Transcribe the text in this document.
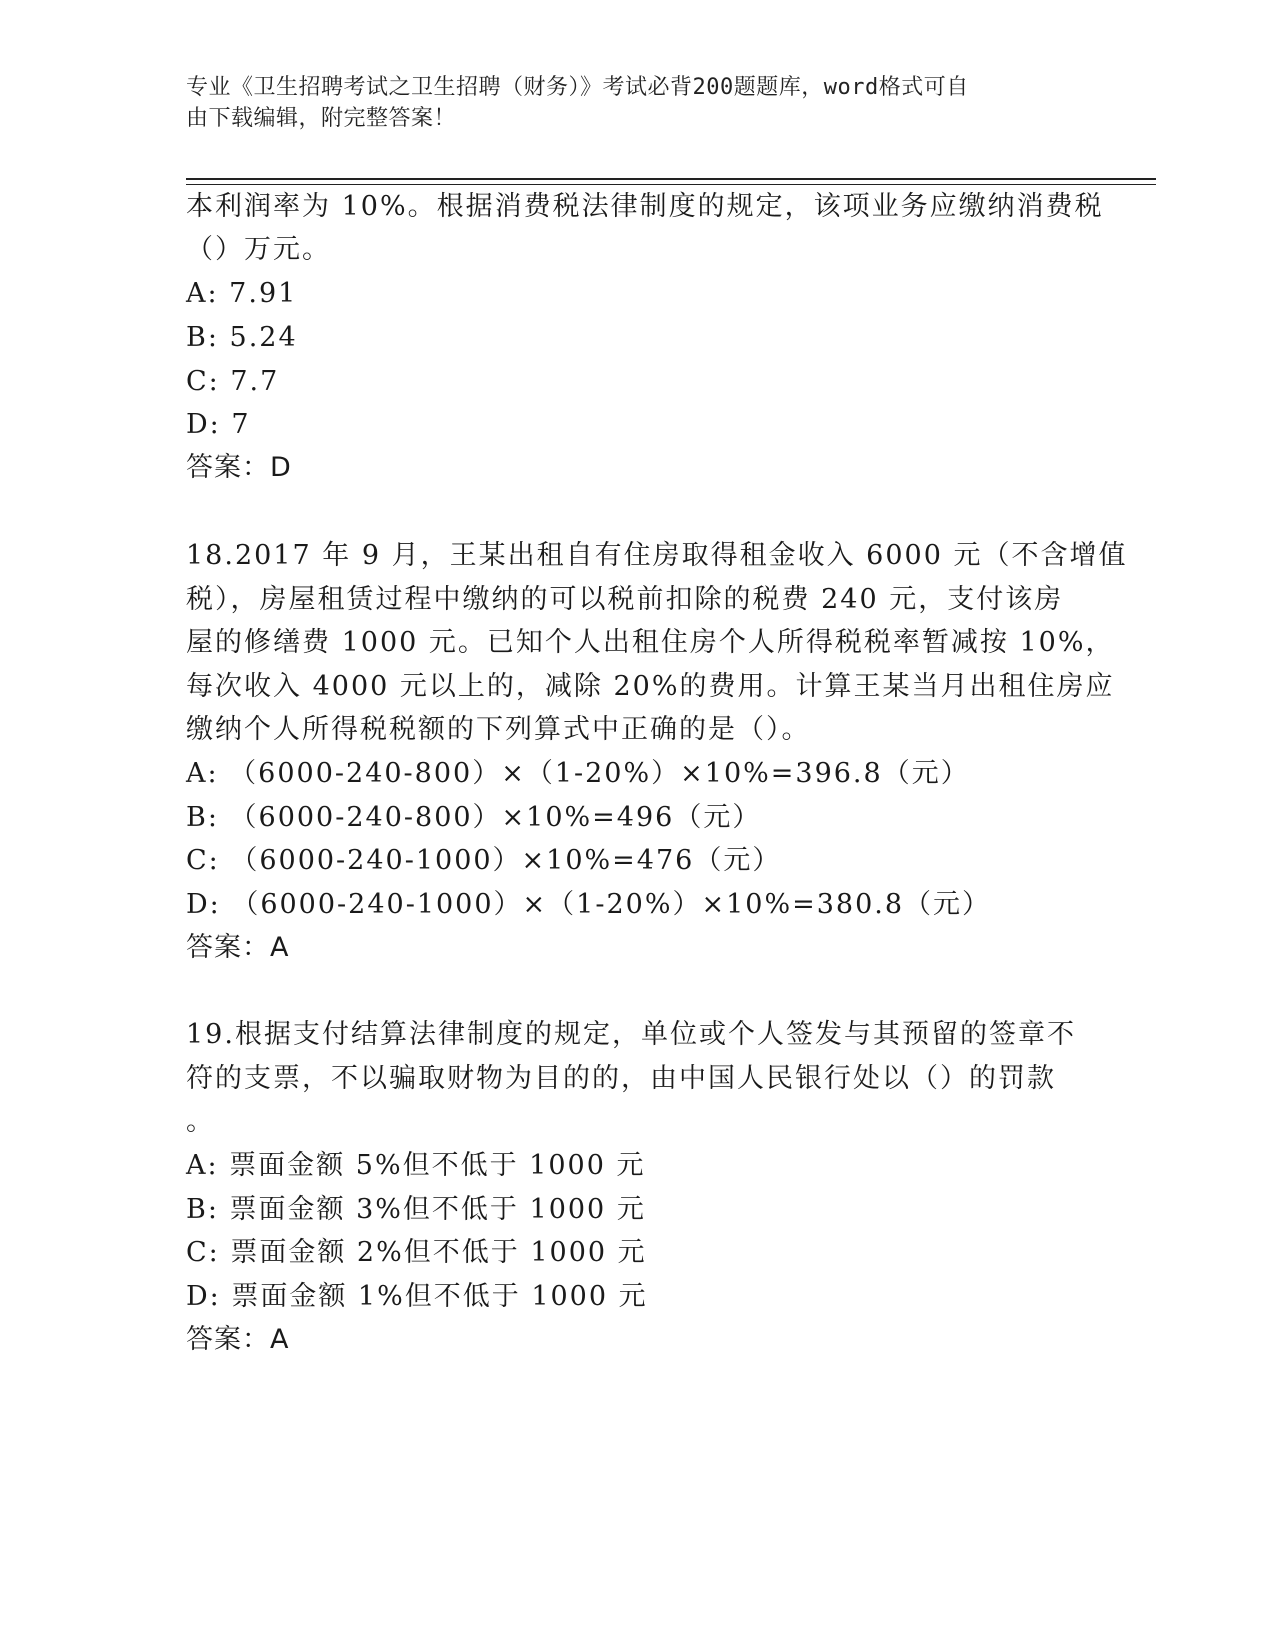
专业《卫生招聘考试之卫生招聘（财务）》考试必背200题题库，word格式可自
由下载编辑，附完整答案！
本利润率为 10%。根据消费税法律制度的规定，该项业务应缴纳消费税
（）万元。
A: 7.91
B: 5.24
C: 7.7
D: 7
答案：D
18.2017 年 9 月，王某出租自有住房取得租金收入 6000 元（不含增值
税），房屋租赁过程中缴纳的可以税前扣除的税费 240 元，支付该房
屋的修缮费 1000 元。已知个人出租住房个人所得税税率暂减按 10%，
每次收入 4000 元以上的，减除 20%的费用。计算王某当月出租住房应
缴纳个人所得税税额的下列算式中正确的是（）。
A: （6000-240-800）×（1-20%）×10%=396.8（元）
B: （6000-240-800）×10%=496（元）
C: （6000-240-1000）×10%=476（元）
D: （6000-240-1000）×（1-20%）×10%=380.8（元）
答案：A
19.根据支付结算法律制度的规定，单位或个人签发与其预留的签章不
符的支票，不以骗取财物为目的的，由中国人民银行处以（）的罚款
。
A: 票面金额 5%但不低于 1000 元
B: 票面金额 3%但不低于 1000 元
C: 票面金额 2%但不低于 1000 元
D: 票面金额 1%但不低于 1000 元
答案：A
